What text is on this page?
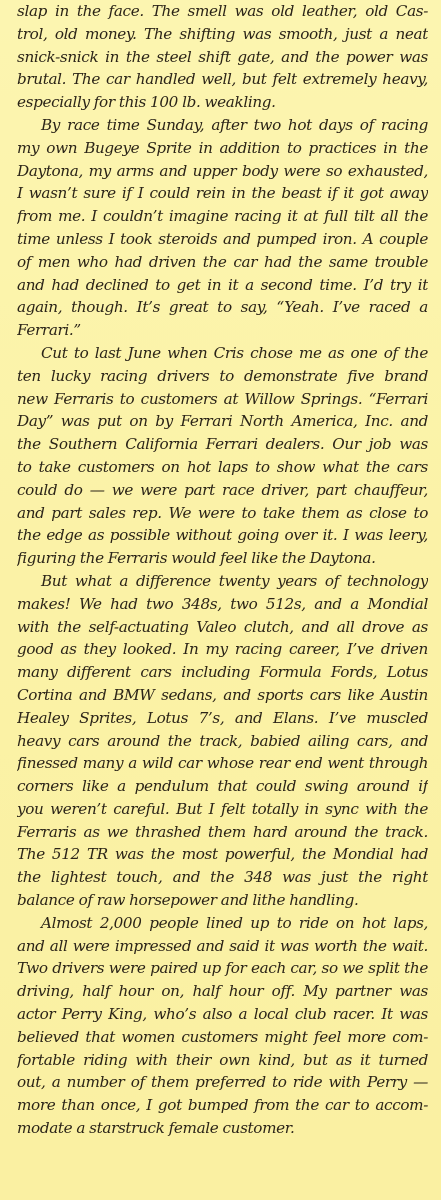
slap in the face. The smell was old leather, old Cas-
trol, old money. The shifting was smooth, just a neat
snick-snick in the steel shift gate, and the power was
brutal. The car handled well, but felt extremely heavy,
especially for this 100 lb. weakling.
By race time Sunday, after two hot days of racing
my own Bugeye Sprite in addition to practices in the
Daytona, my arms and upper body were so exhausted,
I wasn’t sure if I could rein in the beast if it got away
from me. I couldn’t imagine racing it at full tilt all the
time unless I took steroids and pumped iron. A couple
of men who had driven the car had the same trouble
and had declined to get in it a second time. I’d try it
again, though. It’s great to say, “Yeah. I’ve raced a
Ferrari.”
Cut to last June when Cris chose me as one of the
ten lucky racing drivers to demonstrate five brand
new Ferraris to customers at Willow Springs. “Ferrari
Day” was put on by Ferrari North America, Inc. and
the Southern California Ferrari dealers. Our job was
to take customers on hot laps to show what the cars
could do — we were part race driver, part chauffeur,
and part sales rep. We were to take them as close to
the edge as possible without going over it. I was leery,
figuring the Ferraris would feel like the Daytona.
But what a difference twenty years of technology
makes! We had two 348s, two 512s, and a Mondial
with the self-actuating Valeo clutch, and all drove as
good as they looked. In my racing career, I’ve driven
many different cars including Formula Fords, Lotus
Cortina and BMW sedans, and sports cars like Austin
Healey Sprites, Lotus 7’s, and Elans. I’ve muscled
heavy cars around the track, babied ailing cars, and
finessed many a wild car whose rear end went through
corners like a pendulum that could swing around if
you weren’t careful. But I felt totally in sync with the
Ferraris as we thrashed them hard around the track.
The 512 TR was the most powerful, the Mondial had
the lightest touch, and the 348 was just the right
balance of raw horsepower and lithe handling.
Almost 2,000 people lined up to ride on hot laps,
and all were impressed and said it was worth the wait.
Two drivers were paired up for each car, so we split the
driving, half hour on, half hour off. My partner was
actor Perry King, who’s also a local club racer. It was
believed that women customers might feel more com-
fortable riding with their own kind, but as it turned
out, a number of them preferred to ride with Perry —
more than once, I got bumped from the car to accom-
modate a starstruck female customer.
